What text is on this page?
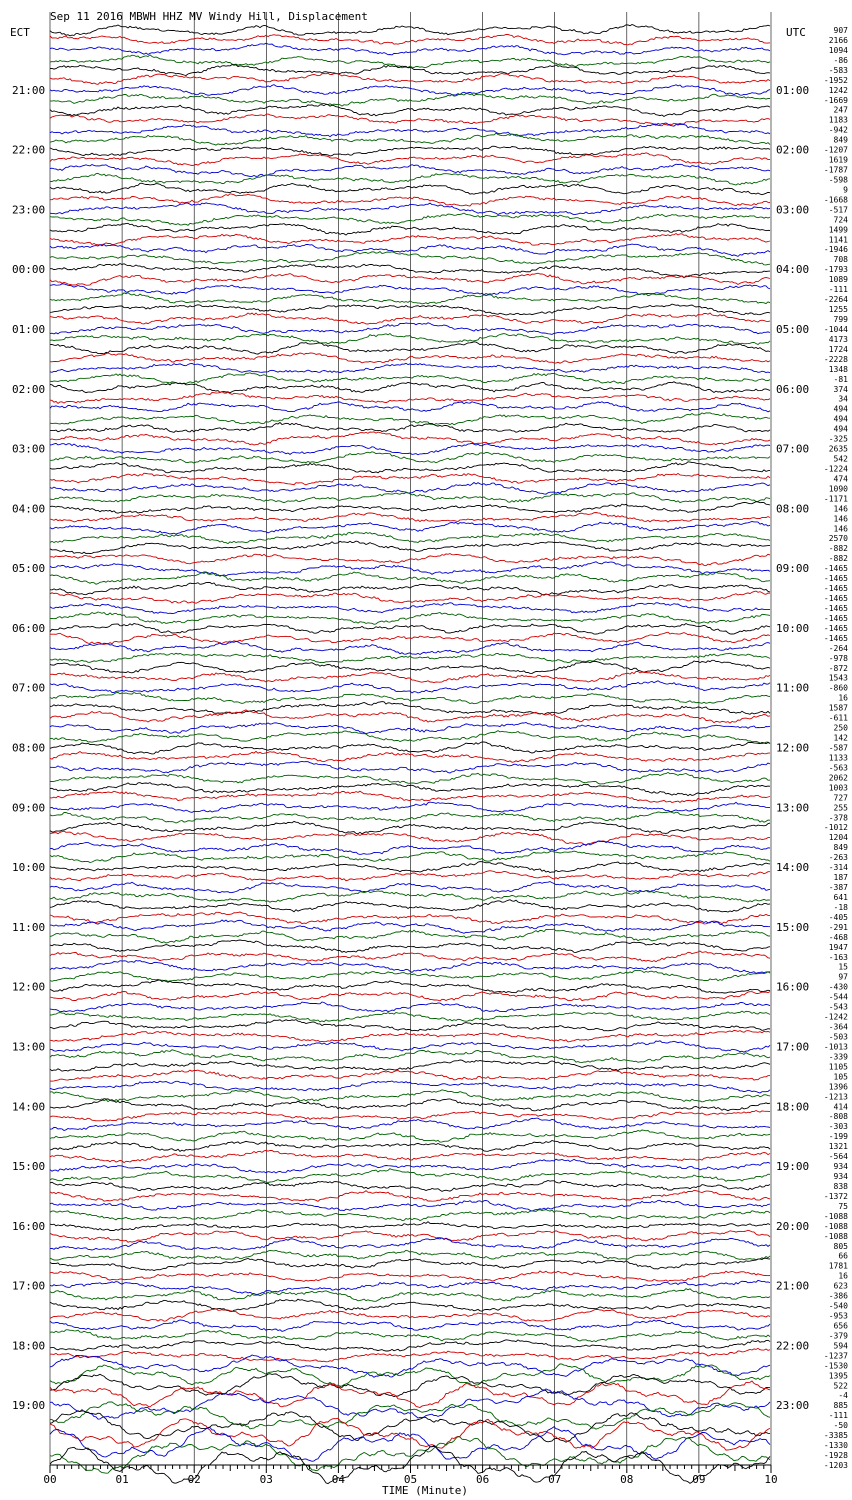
Sep 11 2016 MBWH HHZ MV Windy Hill, Displacement
ECT	UTC
21:00
22:00
23:00
00:00
01:00
02:00
03:00
04:00
05:00
06:00
07:00
08:00
09:00
10:00
11:00
12:00
13:00
14:00
15:00
16:00
17:00
18:00
19:00
01:00
02:00
03:00
04:00
05:00
06:00
07:00
08:00
09:00
10:00
11:00
12:00
13:00
14:00
15:00
16:00
17:00
18:00
19:00
20:00
21:00
22:00
23:00
907
2166
1094
-86
-583
-1952
1242
-1669
247
1183
-942
849
-1207
1619
-1787
-598
9
-1668
-517
724
1499
1141
-1946
708
-1793
1089
-111
-2264
1255
799
-1044
4173
1724
-2228
1348
-81
374
34
494
494
494
-325
2635
542
-1224
474
1090
-1171
146
146
146
2570
-882
-882
-1465
-1465
-1465
-1465
-1465
-1465
-1465
-1465
-264
-978
-872
1543
-860
16
1587
-611
250
142
-587
1133
-563
2062
1003
727
255
-378
-1012
1204
849
-263
-314
187
-387
641
-18
-405
-291
-468
1947
-163
15
97
-430
-544
-543
-1242
-364
-503
-1013
-339
1105
105
1396
-1213
414
-808
-303
-199
1321
-564
934
934
838
-1372
75
-1088
-1088
-1088
805
66
1781
16
623
-386
-540
-953
656
-379
594
-1237
-1530
1395
522
-4
885
-111
-50
-3385
-1330
-1928
-1203
00	01	02	03	04	05	06	07	08	09	10
TIME (Minute)
